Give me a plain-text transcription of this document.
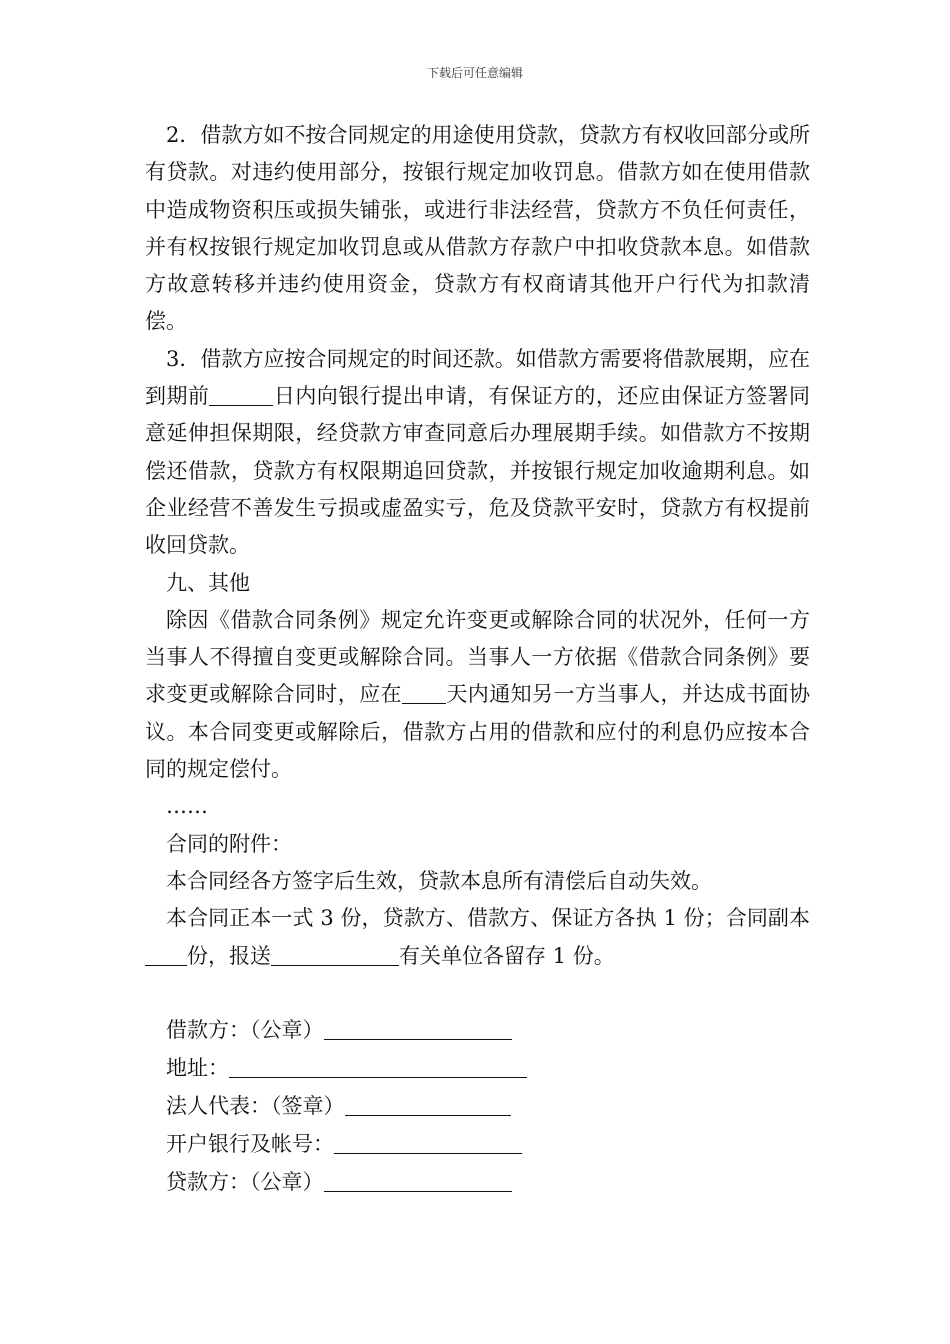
下载后可任意编辑

2．借款方如不按合同规定的用途使用贷款，贷款方有权收回部分或所有贷款。对违约使用部分，按银行规定加收罚息。借款方如在使用借款中造成物资积压或损失铺张，或进行非法经营，贷款方不负任何责任，并有权按银行规定加收罚息或从借款方存款户中扣收贷款本息。如借款方故意转移并违约使用资金，贷款方有权商请其他开户行代为扣款清偿。

3．借款方应按合同规定的时间还款。如借款方需要将借款展期，应在到期前	日内向银行提出申请，有保证方的，还应由保证方签署同意延伸担保期限，经贷款方审查同意后办理展期手续。如借款方不按期偿还借款，贷款方有权限期追回贷款，并按银行规定加收逾期利息。如企业经营不善发生亏损或虚盈实亏，危及贷款平安时，贷款方有权提前收回贷款。

九、其他

除因《借款合同条例》规定允许变更或解除合同的状况外，任何一方当事人不得擅自变更或解除合同。当事人一方依据《借款合同条例》要求变更或解除合同时，应在 天内通知另一方当事人，并达成书面协议。本合同变更或解除后，借款方占用的借款和应付的利息仍应按本合同的规定偿付。

……

合同的附件：

本合同经各方签字后生效，贷款本息所有清偿后自动失效。

本合同正本一式 3 份，贷款方、借款方、保证方各执 1 份；合同副本份，报送	有关单位各留存 1 份。

借款方：（公章）

地址：

法人代表：（签章）

开户银行及帐号：

贷款方：（公章）
